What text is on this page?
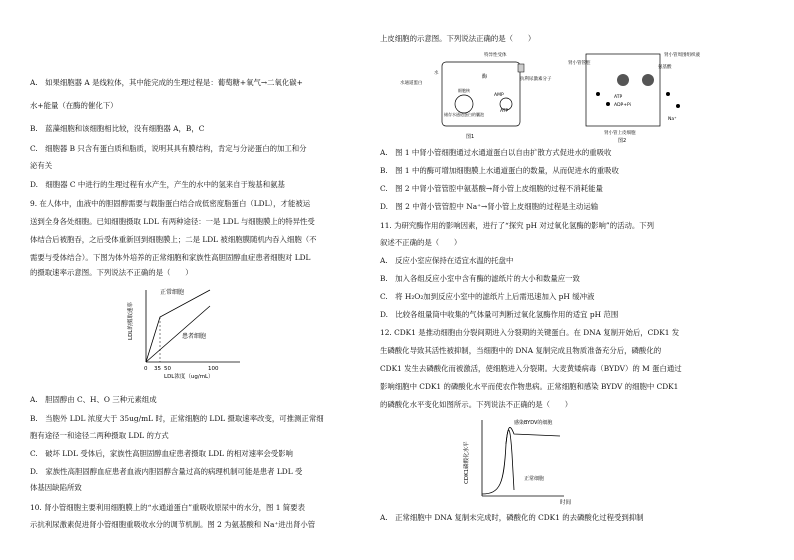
A.　如果细胞器 A 是线粒体，其中能完成的生理过程是：葡萄糖+氧气→二氧化碳+
水+能量（在酶的催化下）
B.　蓝藻细胞和该细胞相比较，没有细胞器 A，B，C
C.　细胞器 B 只含有蛋白质和脂质，说明其具有膜结构，肯定与分泌蛋白的加工和分
泌有关
D.　细胞器 C 中进行的生理过程有水产生，产生的水中的氢来自于羧基和氨基
9. 在人体中，血液中的胆固醇需要与载脂蛋白结合成低密度脂蛋白（LDL），才能被运
送到全身各处细胞。已知细胞摄取 LDL 有两种途径：一是 LDL 与细胞膜上的特异性受
体结合后被胞吞，之后受体重新回到细胞膜上；二是 LDL 被细胞膜随机内吞入细胞（不
需要与受体结合）。下图为体外培养的正常细胞和家族性高胆固醇血症患者细胞对 LDL
的摄取速率示意图。下列说法不正确的是（　　）
正常细胞
患者细胞
LDL的摄取速率
0 35 50	100
LDL浓度（ug/mL）
A.　胆固醇由 C、H、O 三种元素组成
B.　当胞外 LDL 浓度大于 35ug/mL 时，正常细胞的 LDL 摄取速率改变，可推测正常细
胞有途径一和途径二两种摄取 LDL 的方式
C.　破坏 LDL 受体后，家族性高胆固醇血症患者摄取 LDL 的相对速率会受影响
D.　家族性高胆固醇血症患者血液内胆固醇含量过高的病理机制可能是患者 LDL 受
体基因缺陷所致
10. 肾小管细胞主要利用细胞膜上的“水通道蛋白”重吸收原尿中的水分，图 1 简要表
示抗利尿激素促进肾小管细胞重吸收水分的调节机制。图 2 为氨基酸和 Na⁺进出肾小管
上皮细胞的示意图。下列说法正确的是（　　）
特异性受体
抗利尿激素分子
酶
AMP
ATP
水通道蛋白
储存水通道蛋白的囊泡
细胞核
水
图1
肾小管管腔
肾小管周围组织液
氨基酸
ATP
ADP+Pi
Na⁺
肾小管上皮细胞
图2
A.　图 1 中肾小管细胞通过水通道蛋白以自由扩散方式促进水的重吸收
B.　图 1 中的酶可增加细胞膜上水通道蛋白的数量，从而促进水的重吸收
C.　图 2 中肾小管管腔中氨基酸→肾小管上皮细胞的过程不消耗能量
D.　图 2 中肾小管管腔中 Na⁺→肾小管上皮细胞的过程是主动运输
11. 为研究酶作用的影响因素，进行了“探究 pH 对过氧化氢酶的影响”的活动。下列
叙述不正确的是（　　）
A.　反应小室应保持在适宜水温的托盘中
B.　加入各组反应小室中含有酶的滤纸片的大小和数量应一致
C.　将 H₂O₂加到反应小室中的滤纸片上后需迅速加入 pH 缓冲液
D.　比较各组量筒中收集的气体量可判断过氧化氢酶作用的适宜 pH 范围
12. CDK1 是推动细胞由分裂间期进入分裂期的关键蛋白。在 DNA 复制开始后，CDK1 发
生磷酸化导致其活性被抑制，当细胞中的 DNA 复制完成且物质准备充分后，磷酸化的
CDK1 发生去磷酸化而被激活，使细胞进入分裂期。大麦黄矮病毒（BYDV）的 M 蛋白通过
影响细胞中 CDK1 的磷酸化水平而使农作物患病。正常细胞和感染 BYDV 的细胞中 CDK1
的磷酸化水平变化如图所示。下列说法不正确的是（　　）
CDK1磷酸化水平
感染BYDV的细胞
正常细胞
时间
A.　正常细胞中 DNA 复制未完成时，磷酸化的 CDK1 的去磷酸化过程受到抑制
